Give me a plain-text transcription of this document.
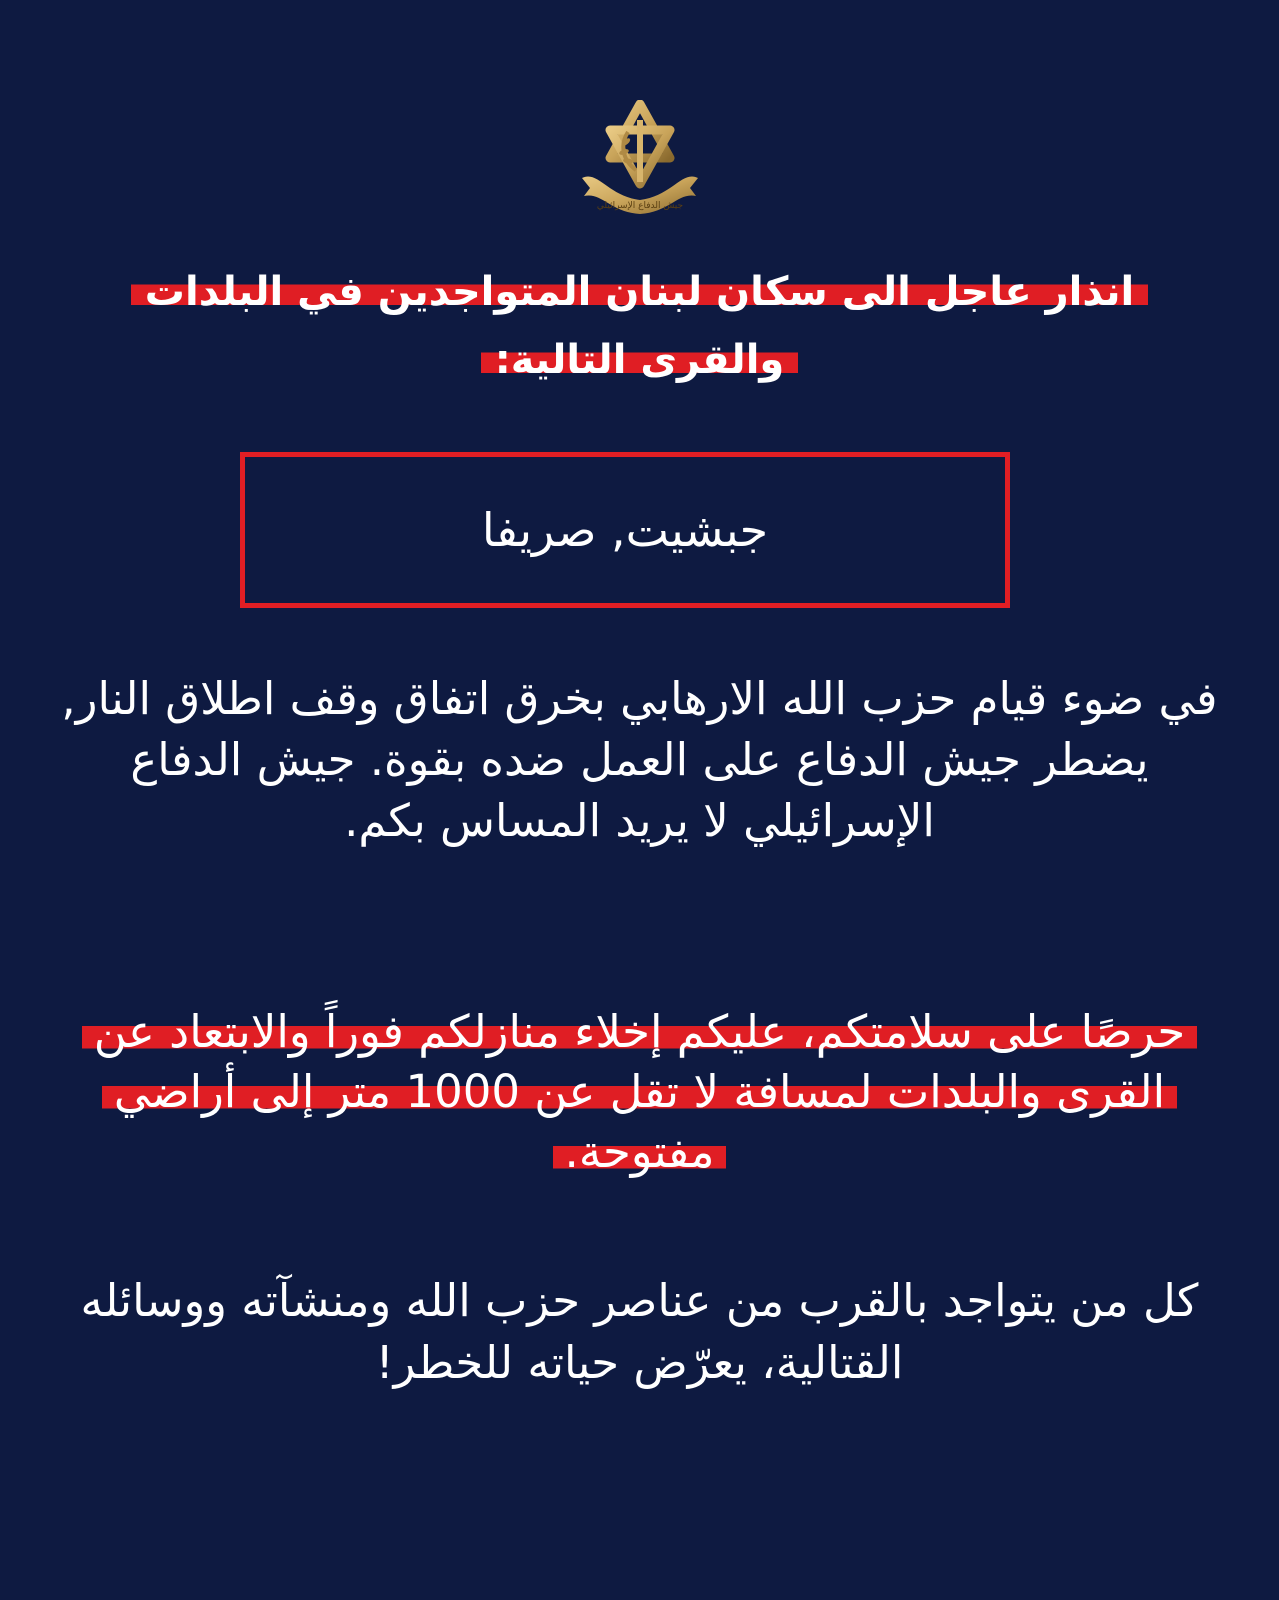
جيش الدفاع الإسرائيلي
انذار عاجل الى سكان لبنان المتواجدين في البلدات والقرى التالية:
جبشيت, صريفا
في ضوء قيام حزب الله الارهابي بخرق اتفاق وقف اطلاق النار, يضطر جيش الدفاع على العمل ضده بقوة. جيش الدفاع الإسرائيلي لا يريد المساس بكم.
حرصًا على سلامتكم، عليكم إخلاء منازلكم فوراً والابتعاد عن القرى والبلدات لمسافة لا تقل عن 1000 متر إلى أراضي مفتوحة.
كل من يتواجد بالقرب من عناصر حزب الله ومنشآته ووسائله القتالية، يعرّض حياته للخطر!
